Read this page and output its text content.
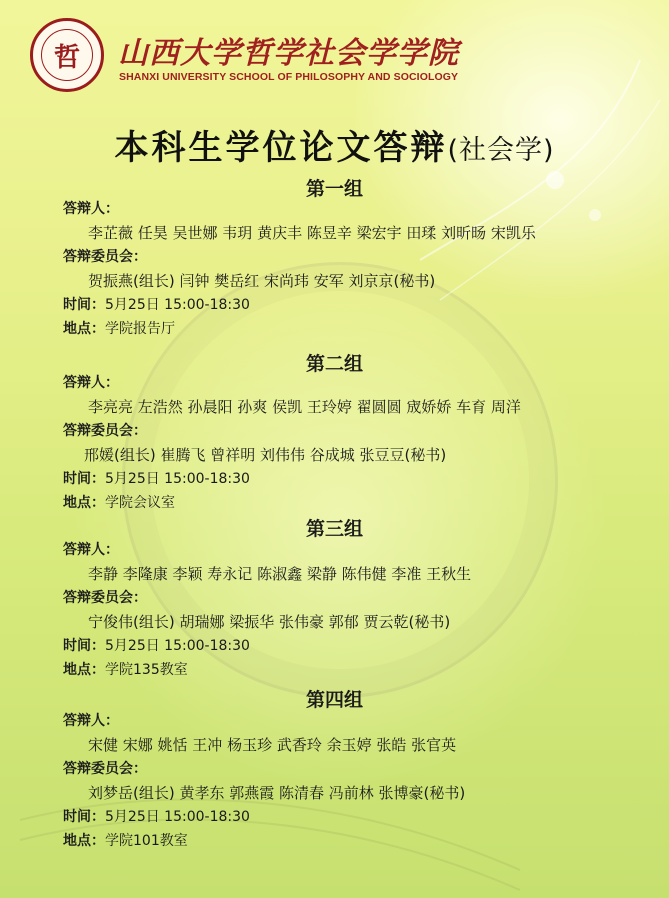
哲	山西大学哲学社会学学院
SHANXI UNIVERSITY SCHOOL OF PHILOSOPHY AND SOCIOLOGY
本科生学位论文答辩(社会学)
第一组
答辩人：
李芷薇 任昊 吴世娜 韦玥 黄庆丰 陈昱辛 梁宏宇 田瑈 刘昕旸 宋凯乐
答辩委员会：
贺振燕(组长) 闫钟 樊岳红 宋尚玮 安军 刘京京(秘书)
时间：5月25日 15:00-18:30
地点：学院报告厅
第二组
答辩人：
李亮亮 左浩然 孙晨阳 孙爽 侯凯 王玲婷 翟圆圆 宬娇娇 车育 周洋
答辩委员会：
邢媛(组长) 崔腾飞 曾祥明 刘伟伟 谷成城 张豆豆(秘书)
时间：5月25日 15:00-18:30
地点：学院会议室
第三组
答辩人：
李静 李隆康 李颖 寿永记 陈淑鑫 梁静 陈伟健 李准 王秋生
答辩委员会：
宁俊伟(组长) 胡瑞娜 梁振华 张伟豪 郭郁 贾云乾(秘书)
时间：5月25日 15:00-18:30
地点：学院135教室
第四组
答辩人：
宋健 宋娜 姚恬 王冲 杨玉珍 武香玲 余玉婷 张皓 张官英
答辩委员会：
刘梦岳(组长) 黄孝东 郭燕霞 陈清春 冯前林 张博豪(秘书)
时间：5月25日 15:00-18:30
地点：学院101教室
